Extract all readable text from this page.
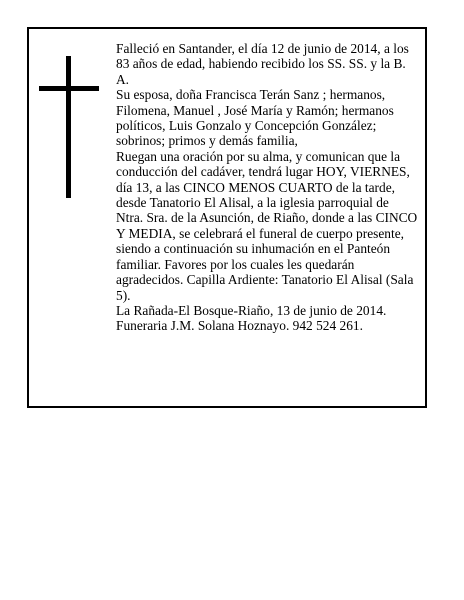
Falleció en Santander, el día 12 de junio de 2014, a los 83 años de edad, habiendo recibido los SS. SS. y la B. A.

Su esposa, doña Francisca Terán Sanz ; hermanos, Filomena, Manuel , José María y Ramón; hermanos políticos, Luis Gonzalo y Concepción González; sobrinos; primos y demás familia,

Ruegan una oración por su alma, y comunican que la conducción del cadáver, tendrá lugar HOY, VIERNES, día 13, a las CINCO MENOS CUARTO de la tarde, desde Tanatorio El Alisal, a la iglesia parroquial de Ntra. Sra. de la Asunción, de Riaño, donde a las CINCO Y MEDIA, se celebrará el funeral de cuerpo presente, siendo a continuación su inhumación en el Panteón familiar. Favores por los cuales les quedarán agradecidos. Capilla Ardiente: Tanatorio El Alisal (Sala 5).

La Rañada-El Bosque-Riaño, 13 de junio de 2014.

Funeraria J.M. Solana Hoznayo. 942 524 261.
